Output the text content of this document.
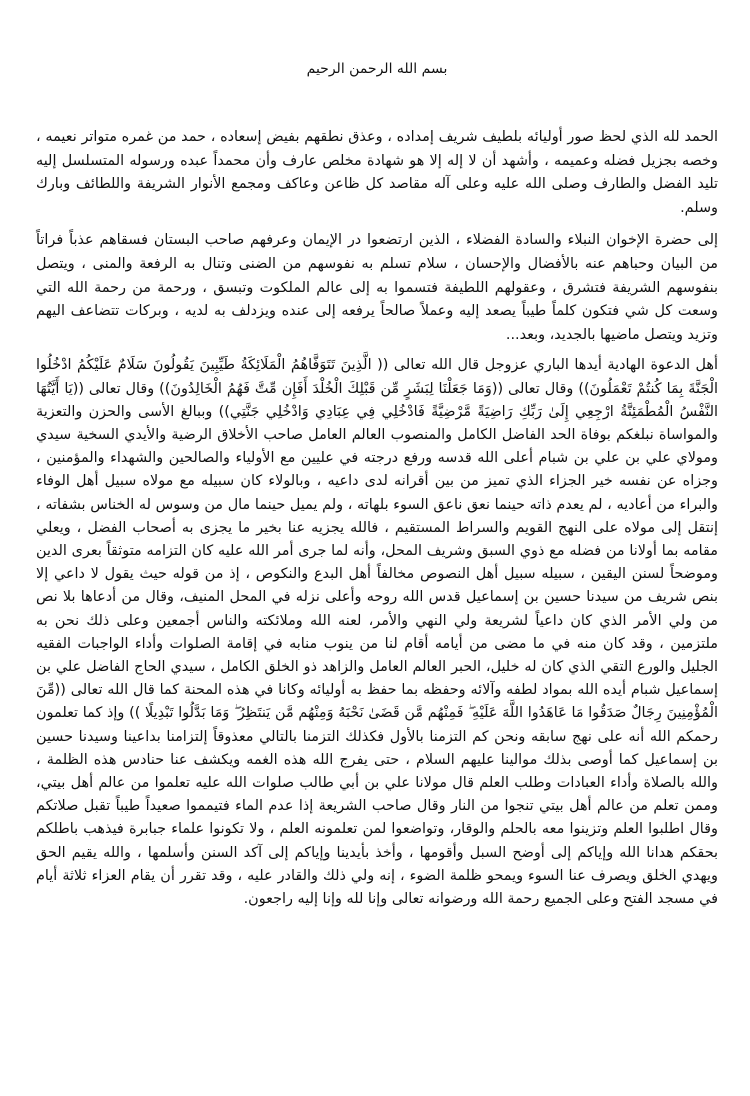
بسم الله الرحمن الرحيم

الحمد لله الذي لحظ صور أوليائه بلطيف شريف إمداده ، وعذق نطقهم بفيض إسعاده ، حمد من غمره متواتر نعيمه ، وخصه بجزيل فضله وعميمه ، وأشهد أن لا إله إلا هو شهادة مخلص عارف وأن محمداً عبده ورسوله المتسلسل إليه تليد الفضل والطارف وصلى الله عليه وعلى آله مقاصد كل ظاعن وعاكف ومجمع الأنوار الشريفة واللطائف وبارك وسلم.

إلى حضرة الإخوان النبلاء والسادة الفضلاء ، الذين ارتضعوا در الإيمان وعرفهم صاحب البستان فسقاهم عذباً فراتاً من البيان وحباهم عنه بالأفضال والإحسان ، سلام تسلم به نفوسهم من الضنى وتنال به الرفعة والمنى ، ويتصل بنفوسهم الشريفة فتشرق ، وعقولهم اللطيفة فتسموا به إلى عالم الملكوت وتبسق ، ورحمة من رحمة الله التي وسعت كل شي فتكون كلماً طيباً يصعد إليه وعملاً صالحاً يرفعه إلى عنده ويزدلف به لديه ، وبركات تتضاعف اليهم وتزيد ويتصل ماضيها بالجديد، وبعد...

أهل الدعوة الهادية أيدها الباري عزوجل قال الله تعالى (( الَّذِينَ تَتَوَفَّاهُمُ الْمَلَائِكَةُ طَيِّبِينَ يَقُولُونَ سَلَامٌ عَلَيْكُمُ ادْخُلُوا الْجَنَّةَ بِمَا كُنتُمْ تَعْمَلُونَ)) وقال تعالى ((وَمَا جَعَلْنَا لِبَشَرٍ مِّن قَبْلِكَ الْخُلْدَ أَفَإِن مِّتَّ فَهُمُ الْخَالِدُونَ)) وقال تعالى ((يَا أَيَّتُهَا النَّفْسُ الْمُطْمَئِنَّةُ ارْجِعِي إِلَىٰ رَبِّكِ رَاضِيَةً مَّرْضِيَّةً فَادْخُلِي فِي عِبَادِي وَادْخُلِي جَنَّتِي)) وببالغ الأسى والحزن والتعزية والمواساة نبلغكم بوفاة الحد الفاضل الكامل والمنصوب العالم العامل صاحب الأخلاق الرضية والأيدي السخية سيدي ومولاي علي بن علي بن شبام أعلى الله قدسه ورفع درجته في عليين مع الأولياء والصالحين والشهداء والمؤمنين ، وجزاه عن نفسه خير الجزاء الذي تميز من بين أقرانه لدى داعيه ، وبالولاء كان سبيله مع مولاه سبيل أهل الوفاء والبراء من أعاديه ، لم يعدم ذاته حينما نعق ناعق السوء بلهاته ، ولم يميل حينما مال من وسوس له الخناس بشفاته ، إنتقل إلى مولاه على النهج القويم والسراط المستقيم ، فالله يجزيه عنا بخير ما يجزى به أصحاب الفضل ، ويعلي مقامه بما أولانا من فضله مع ذوي السبق وشريف المحل، وأنه لما جرى أمر الله عليه كان التزامه متوثقاً بعرى الدين وموضحاً لسنن اليقين ، سبيله سبيل أهل النصوص مخالفاً أهل البدع والنكوص ، إذ من قوله حيث يقول لا داعي إلا بنص شريف من سيدنا حسين بن إسماعيل قدس الله روحه وأعلى نزله في المحل المنيف، وقال من أدعاها بلا نص من ولي الأمر الذي كان داعياً لشريعة ولي النهي والأمر، لعنه الله وملائكته والناس أجمعين وعلى ذلك نحن به ملتزمين ، وقد كان منه في ما مضى من أيامه أقام لنا من ينوب منابه في إقامة الصلوات وأداء الواجبات الفقيه الجليل والورع التقي الذي كان له خليل، الحبر العالم العامل والزاهد ذو الخلق الكامل ، سيدي الحاج الفاضل علي بن إسماعيل شبام أيده الله بمواد لطفه وآلائه وحفظه بما حفظ به أوليائه وكانا في هذه المحنة كما قال الله تعالى ((مِّنَ الْمُؤْمِنِينَ رِجَالٌ صَدَقُوا مَا عَاهَدُوا اللَّهَ عَلَيْهِ ۖ فَمِنْهُم مَّن قَضَىٰ نَحْبَهُ وَمِنْهُم مَّن يَنتَظِرُ ۖ وَمَا بَدَّلُوا تَبْدِيلًا )) وإذ كما تعلمون رحمكم الله أنه على نهج سابقه ونحن كم التزمنا بالأول فكذلك التزمنا بالتالي معذوقاً إلتزامنا بداعينا وسيدنا حسين بن إسماعيل كما أوصى بذلك موالينا عليهم السلام ، حتى يفرج الله هذه الغمه ويكشف عنا حنادس هذه الظلمة ، والله بالصلاة وأداء العبادات وطلب العلم قال مولانا علي بن أبي طالب صلوات الله عليه تعلموا من عالم أهل بيتي، وممن تعلم من عالم أهل بيتي تنجوا من النار وقال صاحب الشريعة إذا عدم الماء فتيمموا صعيداً طيباً تقبل صلاتكم وقال اطلبوا العلم وتزينوا معه بالحلم والوقار، وتواضعوا لمن تعلمونه العلم ، ولا تكونوا علماء جبابرة فيذهب باطلكم بحقكم هدانا الله وإياكم إلى أوضح السبل وأقومها ، وأخذ بأيدينا وإياكم إلى آكد السنن وأسلمها ، والله يقيم الحق ويهدي الخلق ويصرف عنا السوء ويمحو ظلمة الضوء ، إنه ولي ذلك والقادر عليه ، وقد تقرر أن يقام العزاء ثلاثة أيام في مسجد الفتح وعلى الجميع رحمة الله ورضوانه تعالى وإنا لله وإنا إليه راجعون.
